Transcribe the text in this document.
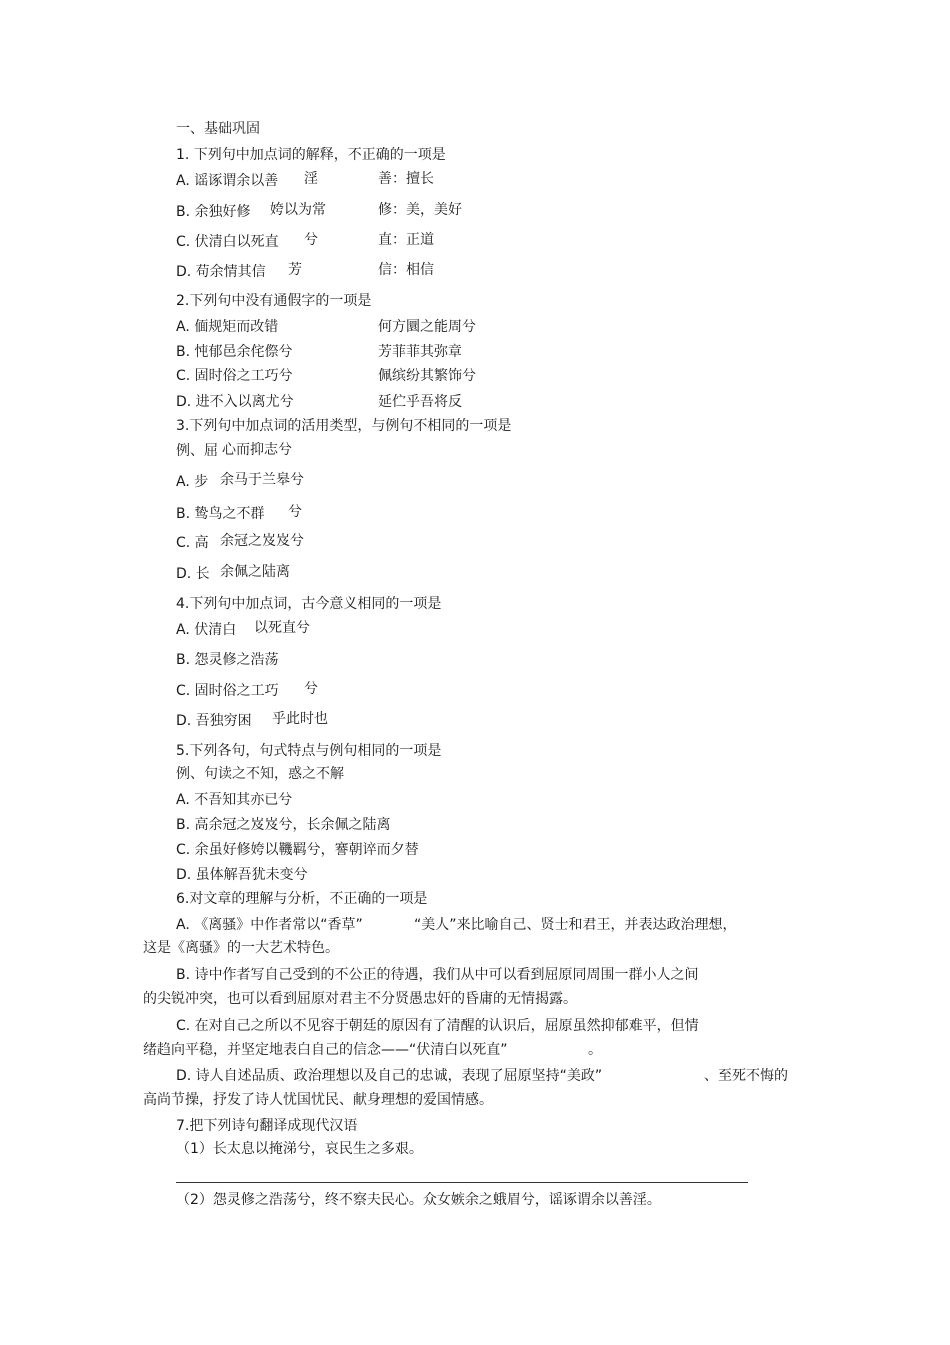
一、基础巩固
1. 下列句中加点词的解释，不正确的一项是
A. 谣诼谓余以善 淫	善：擅长
B. 余独好修 姱以为常	修：美，美好
C. 伏清白以死直 兮	直：正道
D. 苟余情其信 芳	信：相信
2.下列句中没有通假字的一项是
A. 偭规矩而改错	何方圜之能周兮
B. 忳郁邑余侘傺兮	芳菲菲其弥章
C. 固时俗之工巧兮	佩缤纷其繁饰兮
D. 进不入以离尤兮	延伫乎吾将反
3.下列句中加点词的活用类型，与例句不相同的一项是
例、屈 心而抑志兮
A. 步 余马于兰皋兮
B. 鸷鸟之不群 兮
C. 高 余冠之岌岌兮
D. 长 余佩之陆离
4.下列句中加点词，古今意义相同的一项是
A. 伏清白 以死直兮
B. 怨灵修之浩荡
C. 固时俗之工巧 兮
D. 吾独穷困 乎此时也
5.下列各句，句式特点与例句相同的一项是
例、句读之不知，惑之不解
A. 不吾知其亦已兮
B. 高余冠之岌岌兮，长余佩之陆离
C. 余虽好修姱以鞿羁兮，謇朝谇而夕替
D. 虽体解吾犹未变兮
6.对文章的理解与分析，不正确的一项是
A. 《离骚》中作者常以“香草”	“美人”来比喻自己、贤士和君王，并表达政治理想，
这是《离骚》的一大艺术特色。
B. 诗中作者写自己受到的不公正的待遇，我们从中可以看到屈原同周围一群小人之间
的尖锐冲突，也可以看到屈原对君主不分贤愚忠奸的昏庸的无情揭露。
C. 在对自己之所以不见容于朝廷的原因有了清醒的认识后，屈原虽然抑郁难平，但情
绪趋向平稳，并坚定地表白自己的信念——“伏清白以死直”	。
D. 诗人自述品质、政治理想以及自己的忠诚，表现了屈原坚持“美政”	、至死不悔的
高尚节操，抒发了诗人忧国忧民、献身理想的爱国情感。
7.把下列诗句翻译成现代汉语
（1）长太息以掩涕兮，哀民生之多艰。
（2）怨灵修之浩荡兮，终不察夫民心。众女嫉余之蛾眉兮，谣诼谓余以善淫。
